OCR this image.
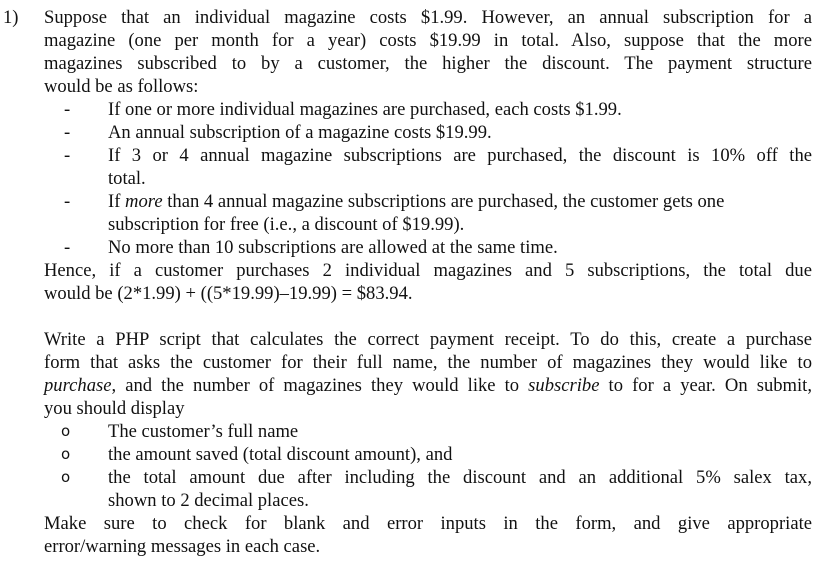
1) Suppose that an individual magazine costs $1.99. However, an annual subscription for a
magazine (one per month for a year) costs $19.99 in total. Also, suppose that the more
magazines subscribed to by a customer, the higher the discount. The payment structure
would be as follows:
- If one or more individual magazines are purchased, each costs $1.99.
- An annual subscription of a magazine costs $19.99.
- If 3 or 4 annual magazine subscriptions are purchased, the discount is 10% off the
total.
- If more than 4 annual magazine subscriptions are purchased, the customer gets one
subscription for free (i.e., a discount of $19.99).
- No more than 10 subscriptions are allowed at the same time.
Hence, if a customer purchases 2 individual magazines and 5 subscriptions, the total due
would be (2*1.99) + ((5*19.99)–19.99) = $83.94.
Write a PHP script that calculates the correct payment receipt. To do this, create a purchase
form that asks the customer for their full name, the number of magazines they would like to
purchase, and the number of magazines they would like to subscribe to for a year. On submit,
you should display
o The customer’s full name
o the amount saved (total discount amount), and
o the total amount due after including the discount and an additional 5% salex tax,
shown to 2 decimal places.
Make sure to check for blank and error inputs in the form, and give appropriate
error/warning messages in each case.
